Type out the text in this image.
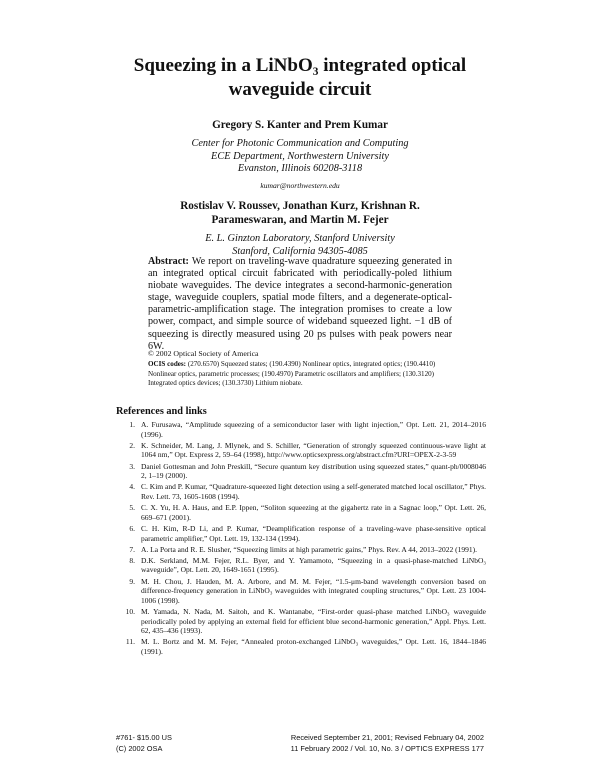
Squeezing in a LiNbO₃ integrated optical
waveguide circuit
Gregory S. Kanter and Prem Kumar
Center for Photonic Communication and Computing
ECE Department, Northwestern University
Evanston, Illinois 60208-3118
kumar@northwestern.edu
Rostislav V. Roussev, Jonathan Kurz, Krishnan R.
Parameswaran, and Martin M. Fejer
E. L. Ginzton Laboratory, Stanford University
Stanford, California 94305-4085
Abstract: We report on traveling-wave quadrature squeezing generated in an integrated optical circuit fabricated with periodically-poled lithium niobate waveguides. The device integrates a second-harmonic-generation stage, waveguide couplers, spatial mode filters, and a degenerate-optical-parametric-amplification stage. The integration promises to create a low power, compact, and simple source of wideband squeezed light. −1 dB of squeezing is directly measured using 20 ps pulses with peak powers near 6W.
© 2002 Optical Society of America
OCIS codes: (270.6570) Squeezed states; (190.4390) Nonlinear optics, integrated optics; (190.4410) Nonlinear optics, parametric processes; (190.4970) Parametric oscillators and amplifiers; (130.3120) Integrated optics devices; (130.3730) Lithium niobate.
References and links
1. A. Furusawa, “Amplitude squeezing of a semiconductor laser with light injection,” Opt. Lett. 21, 2014–2016 (1996).
2. K. Schneider, M. Lang, J. Mlynek, and S. Schiller, “Generation of strongly squeezed continuous-wave light at 1064 nm,” Opt. Express 2, 59–64 (1998), http://www.opticsexpress.org/abstract.cfm?URI=OPEX-2-3-59
3. Daniel Gottesman and John Preskill, “Secure quantum key distribution using squeezed states,” quant-ph/0008046 2, 1–19 (2000).
4. C. Kim and P. Kumar, “Quadrature-squeezed light detection using a self-generated matched local oscillator,” Phys. Rev. Lett. 73, 1605-1608 (1994).
5. C. X. Yu, H. A. Haus, and E.P. Ippen, “Soliton squeezing at the gigahertz rate in a Sagnac loop,” Opt. Lett. 26, 669–671 (2001).
6. C. H. Kim, R-D Li, and P. Kumar, “Deamplification response of a traveling-wave phase-sensitive optical parametric amplifier,” Opt. Lett. 19, 132-134 (1994).
7. A. La Porta and R. E. Slusher, “Squeezing limits at high parametric gains,” Phys. Rev. A 44, 2013–2022 (1991).
8. D.K. Serkland, M.M. Fejer, R.L. Byer, and Y. Yamamoto, “Squeezing in a quasi-phase-matched LiNbO₃ waveguide”, Opt. Lett. 20, 1649-1651 (1995).
9. M. H. Chou, J. Hauden, M. A. Arbore, and M. M. Fejer, “1.5-μm-band wavelength conversion based on difference-frequency generation in LiNbO₃ waveguides with integrated coupling structures,” Opt. Lett. 23 1004-1006 (1998).
10. M. Yamada, N. Nada, M. Saitoh, and K. Wantanabe, “First-order quasi-phase matched LiNbO₃ waveguide periodically poled by applying an external field for efficient blue second-harmonic generation,” Appl. Phys. Lett. 62, 435–436 (1993).
11. M. L. Bortz and M. M. Fejer, “Annealed proton-exchanged LiNbO₃ waveguides,” Opt. Lett. 16, 1844–1846 (1991).
#761- $15.00 US
(C) 2002 OSA
Received September 21, 2001; Revised February 04, 2002
11 February 2002 / Vol. 10, No. 3 / OPTICS EXPRESS 177
